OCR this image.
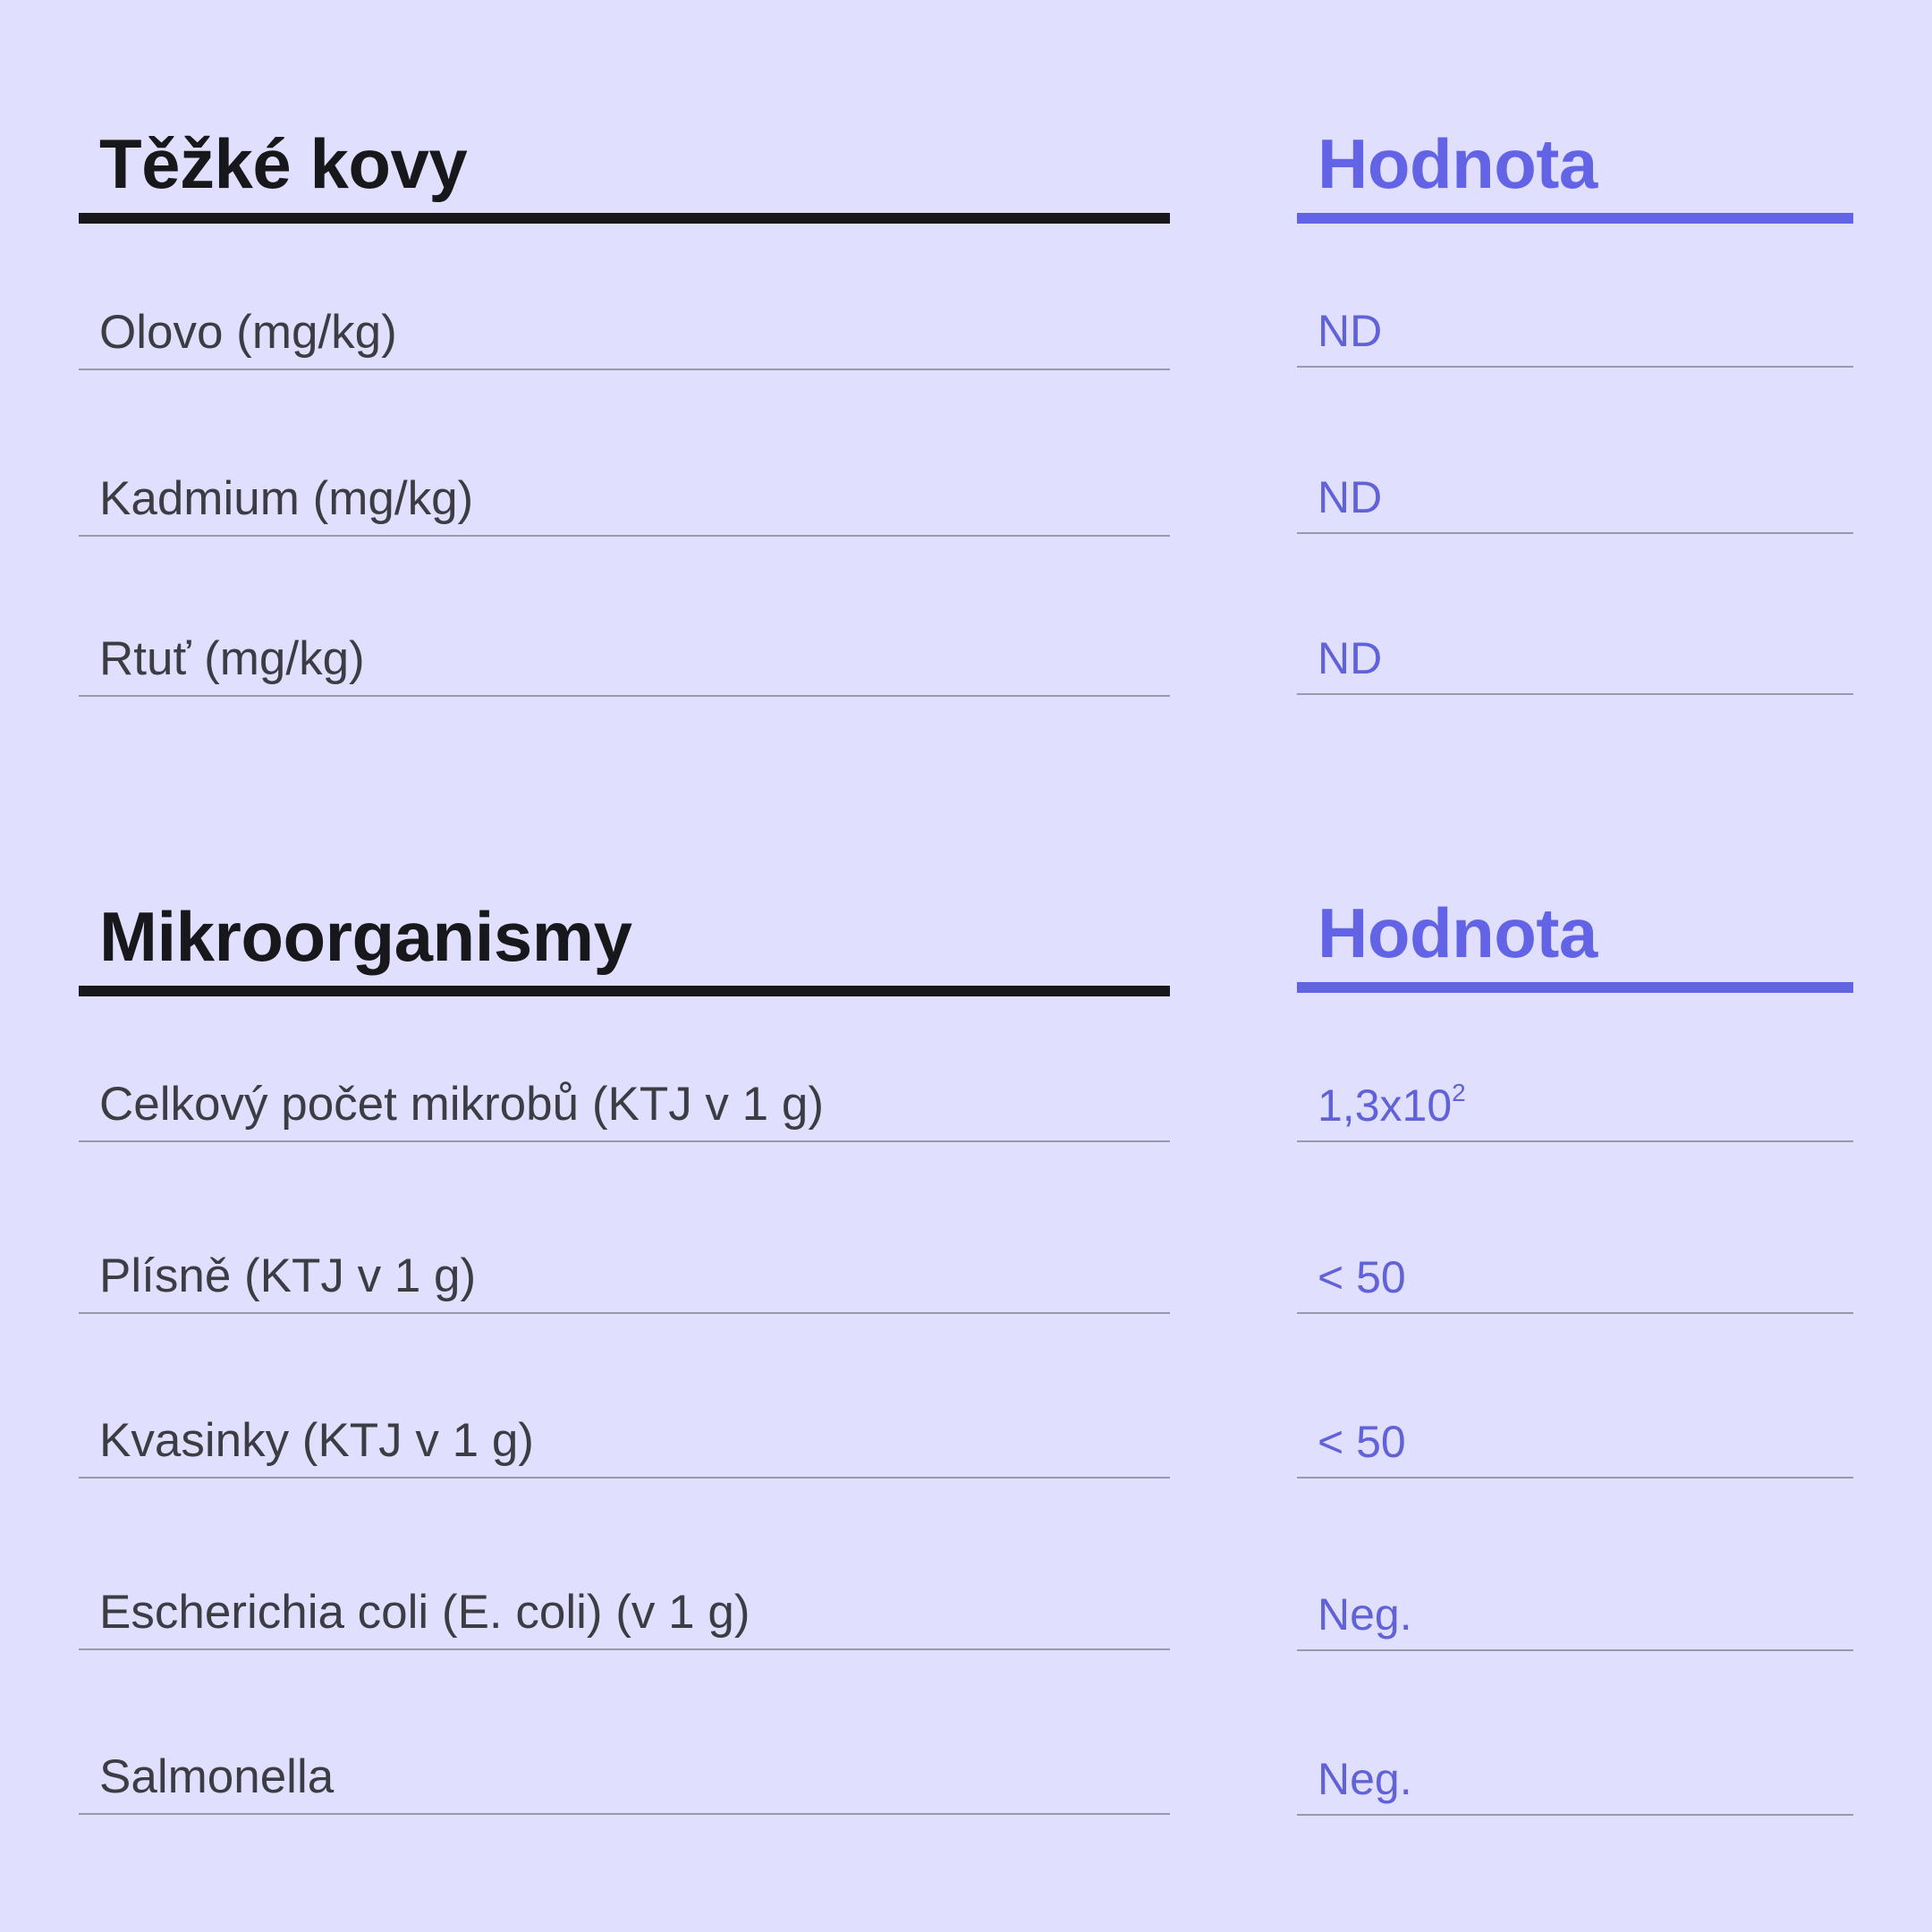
Těžké kovy
Olovo (mg/kg)
Kadmium (mg/kg)
Rtuť (mg/kg)
Mikroorganismy
Celkový počet mikrobů (KTJ v 1 g)
Plísně (KTJ v 1 g)
Kvasinky (KTJ v 1 g)
Escherichia coli (E. coli) (v 1 g)
Salmonella
Hodnota
ND
ND
ND
Hodnota
$1,3x10^2$
< 50
< 50
Neg.
Neg.
